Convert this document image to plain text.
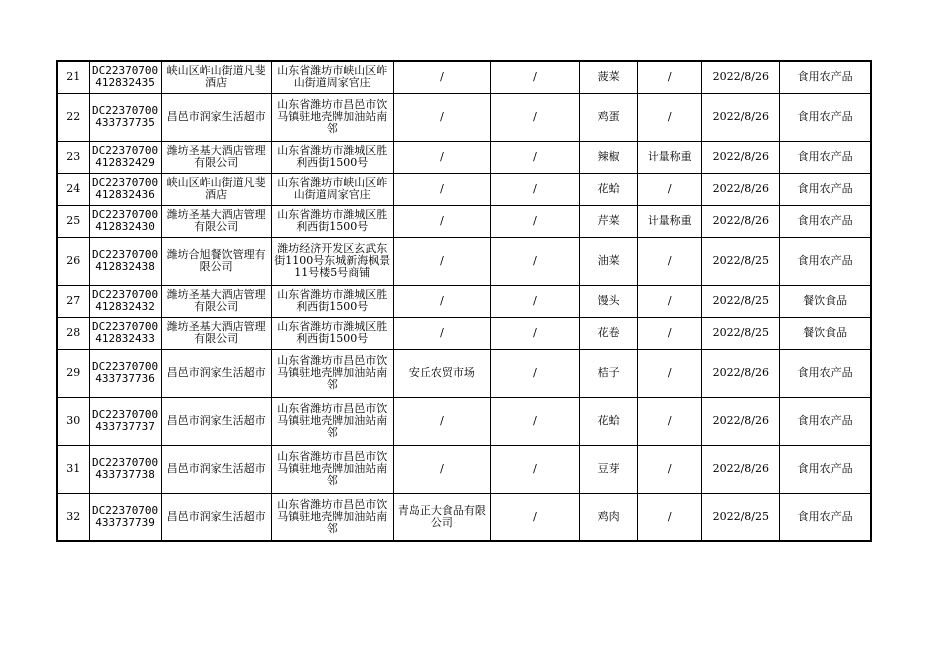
21	DC22370700412832435	峡山区岞山街道凡斐酒店	山东省潍坊市峡山区岞山街道周家官庄	/	/	菠菜	/	2022/8/26	食用农产品
22	DC22370700433737735	昌邑市润家生活超市	山东省潍坊市昌邑市饮马镇驻地壳牌加油站南邻	/	/	鸡蛋	/	2022/8/26	食用农产品
23	DC22370700412832429	潍坊圣基大酒店管理有限公司	山东省潍坊市潍城区胜利西街1500号	/	/	辣椒	计量称重	2022/8/26	食用农产品
24	DC22370700412832436	峡山区岞山街道凡斐酒店	山东省潍坊市峡山区岞山街道周家官庄	/	/	花蛤	/	2022/8/26	食用农产品
25	DC22370700412832430	潍坊圣基大酒店管理有限公司	山东省潍坊市潍城区胜利西街1500号	/	/	芹菜	计量称重	2022/8/26	食用农产品
26	DC22370700412832438	潍坊合旭餐饮管理有限公司	潍坊经济开发区玄武东街1100号东城新海枫景11号楼5号商铺	/	/	油菜	/	2022/8/25	食用农产品
27	DC22370700412832432	潍坊圣基大酒店管理有限公司	山东省潍坊市潍城区胜利西街1500号	/	/	馒头	/	2022/8/25	餐饮食品
28	DC22370700412832433	潍坊圣基大酒店管理有限公司	山东省潍坊市潍城区胜利西街1500号	/	/	花卷	/	2022/8/25	餐饮食品
29	DC22370700433737736	昌邑市润家生活超市	山东省潍坊市昌邑市饮马镇驻地壳牌加油站南邻	安丘农贸市场	/	桔子	/	2022/8/26	食用农产品
30	DC22370700433737737	昌邑市润家生活超市	山东省潍坊市昌邑市饮马镇驻地壳牌加油站南邻	/	/	花蛤	/	2022/8/26	食用农产品
31	DC22370700433737738	昌邑市润家生活超市	山东省潍坊市昌邑市饮马镇驻地壳牌加油站南邻	/	/	豆芽	/	2022/8/26	食用农产品
32	DC22370700433737739	昌邑市润家生活超市	山东省潍坊市昌邑市饮马镇驻地壳牌加油站南邻	青岛正大食品有限公司	/	鸡肉	/	2022/8/25	食用农产品
